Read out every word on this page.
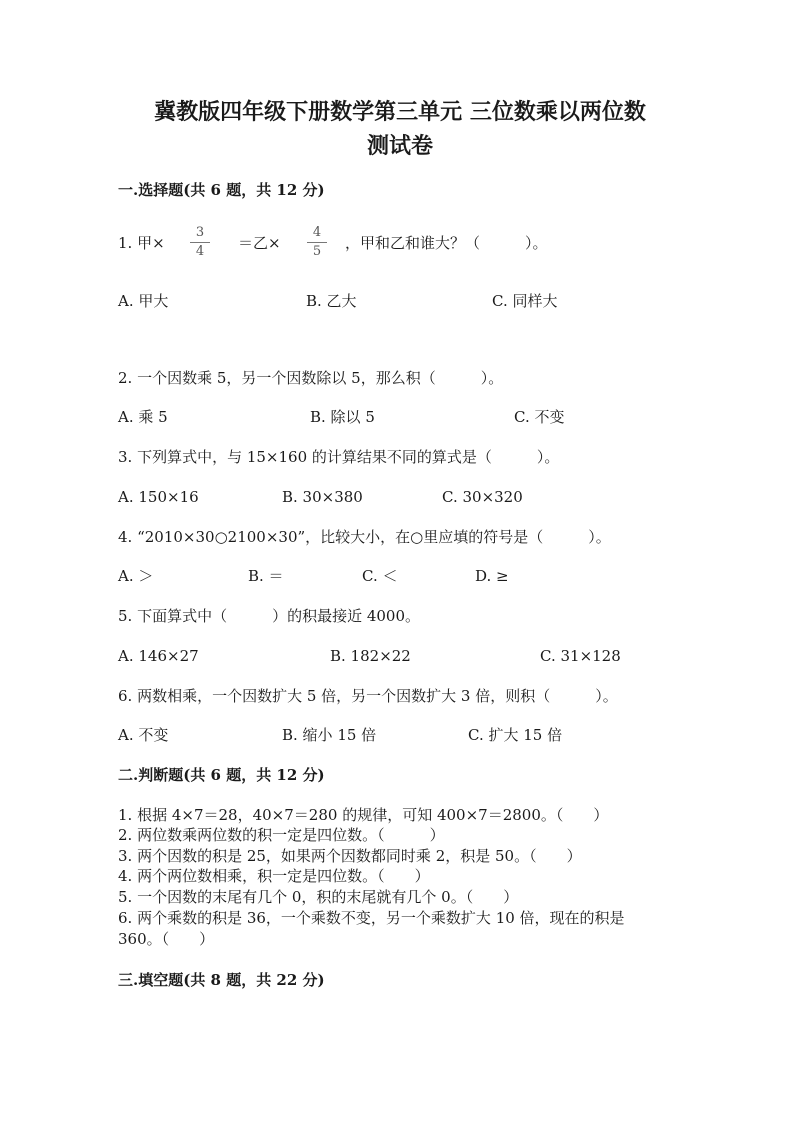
冀教版四年级下册数学第三单元 三位数乘以两位数
测试卷
一.选择题(共 6 题，共 12 分)
1. 甲×
3
4	＝乙×
4
5	，甲和乙和谁大？（　　　）。
A. 甲大	B. 乙大	C. 同样大
2. 一个因数乘 5，另一个因数除以 5，那么积（　　　）。
A. 乘 5	B. 除以 5	C. 不变
3. 下列算式中，与 15×160 的计算结果不同的算式是（　　　）。
A. 150×16	B. 30×380	C. 30×320
4. “2010×30○2100×30”，比较大小，在○里应填的符号是（　　　）。
A. ＞	B. ＝	C. ＜	D. ≥
5. 下面算式中（　　　）的积最接近 4000。
A. 146×27	B. 182×22	C. 31×128
6. 两数相乘，一个因数扩大 5 倍，另一个因数扩大 3 倍，则积（　　　）。
A. 不变	B. 缩小 15 倍	C. 扩大 15 倍
二.判断题(共 6 题，共 12 分)
1. 根据 4×7＝28，40×7＝280 的规律，可知 400×7＝2800。（　　）
2. 两位数乘两位数的积一定是四位数。（　　　）
3. 两个因数的积是 25，如果两个因数都同时乘 2，积是 50。（　　）
4. 两个两位数相乘，积一定是四位数。（　　）
5. 一个因数的末尾有几个 0，积的末尾就有几个 0。（　　）
6. 两个乘数的积是 36，一个乘数不变，另一个乘数扩大 10 倍，现在的积是
360。（　　）
三.填空题(共 8 题，共 22 分)
